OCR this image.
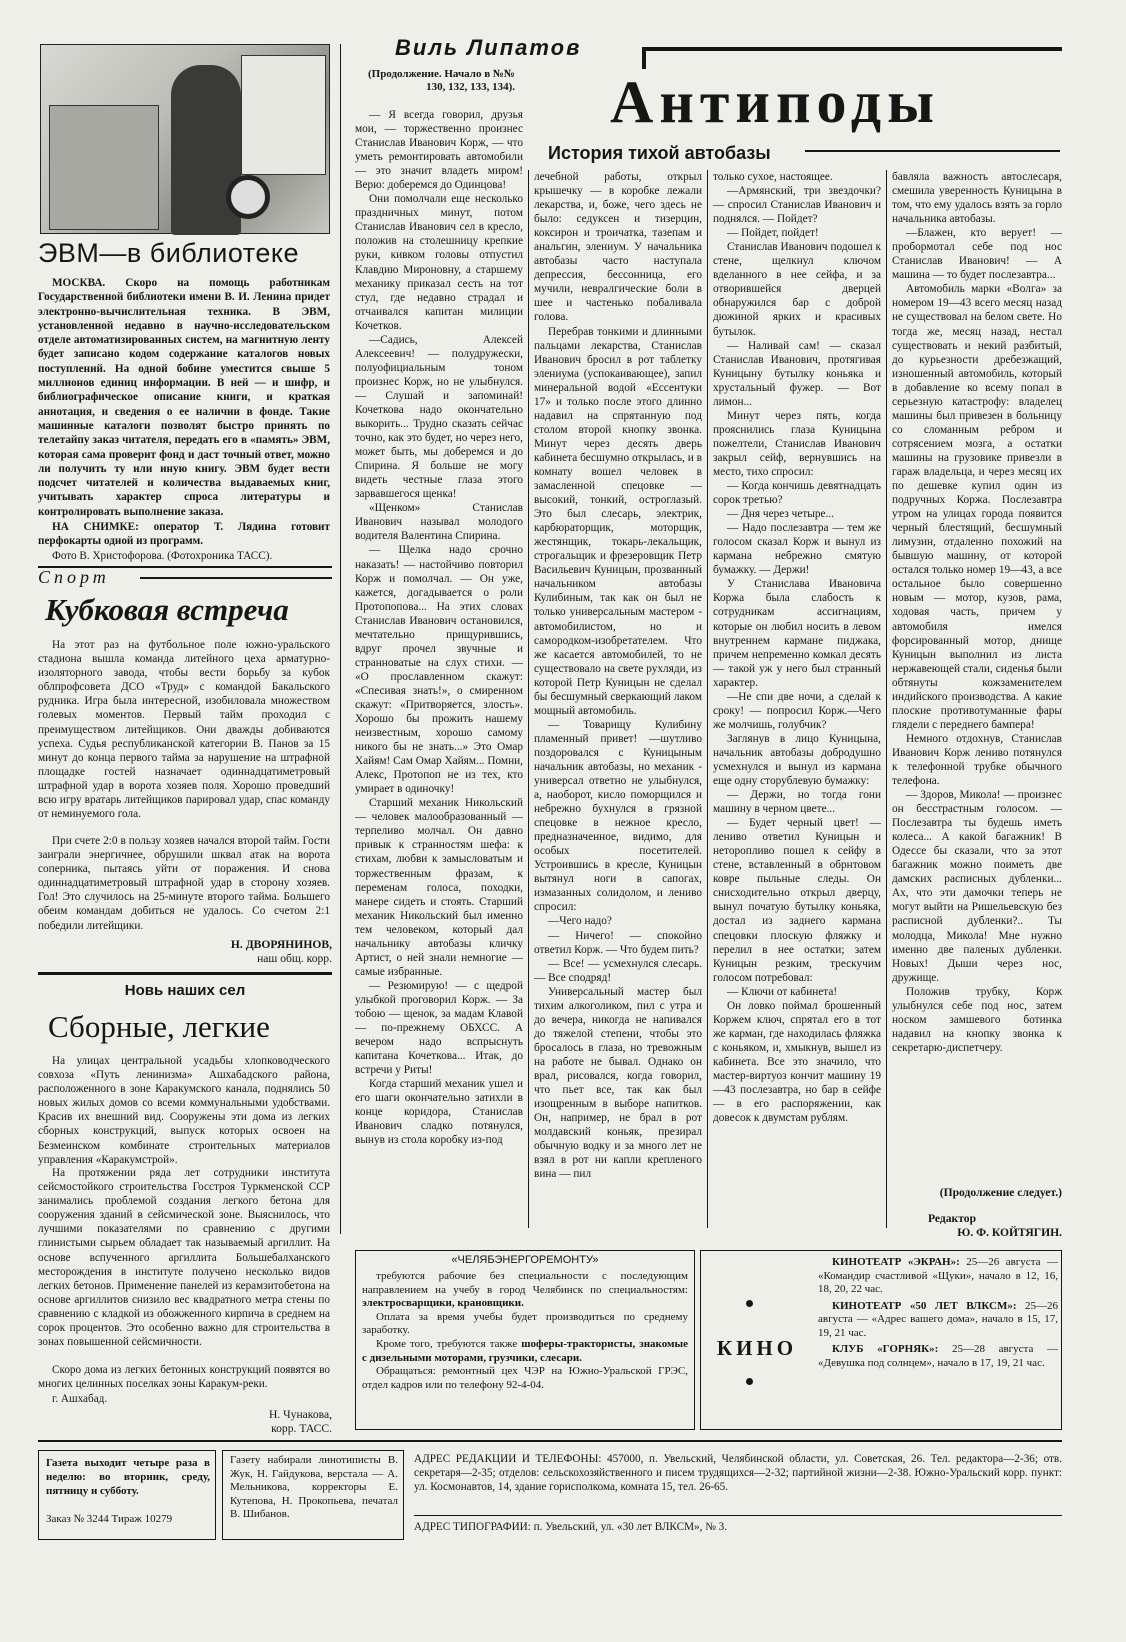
ЭВМ—в библиотеке
МОСКВА. Скоро на помощь работникам Государственной библиотеки имени В. И. Ленина придет электронно-вычислительная техника. В ЭВМ, установленной недавно в научно-исследовательском отделе автоматизированных систем, на магнитную ленту будет записано кодом содержание каталогов новых поступлений. На одной бобине уместится свыше 5 миллионов единиц информации. В ней — и шифр, и библиографическое описание книги, и краткая аннотация, и сведения о ее наличии в фонде. Такие машинные каталоги позволят быстро принять по телетайпу заказ читателя, передать его в «память» ЭВМ, которая сама проверит фонд и даст точный ответ, можно ли получить ту или иную книгу. ЭВМ будет вести подсчет читателей и количества выдаваемых книг, учитывать характер спроса литературы и контролировать выполнение заказа.
НА СНИМКЕ: оператор Т. Лядина готовит перфокарты одной из программ.
Фото В. Христофорова. (Фотохроника ТАСС).
Спорт
Кубковая встреча
На этот раз на футбольное поле южно-уральского стадиона вышла команда литейного цеха арматурно-изоляторного завода, чтобы вести борьбу за кубок облпрофсовета ДСО «Труд» с командой Бакальского рудника. Игра была интересной, изобиловала множеством голевых моментов. Первый тайм проходил с преимуществом литейщиков. Они дважды добиваются успеха. Судья республиканской категории В. Панов за 15 минут до конца первого тайма за нарушение на штрафной площадке гостей назначает одиннадцатиметровый штрафной удар в ворота хозяев поля. Хорошо проведший всю игру вратарь литейщиков парировал удар, спас команду от неминуемого гола.
При счете 2:0 в пользу хозяев начался второй тайм. Гости заиграли энергичнее, обрушили шквал атак на ворота соперника, пытаясь уйти от поражения. И снова одиннадцатиметровый штрафной удар в сторону хозяев. Гол! Это случилось на 25-минуте второго тайма. Большего обеим командам добиться не удалось. Со счетом 2:1 победили литейщики.
Н. ДВОРЯНИНОВ,
наш общ. корр.
Новь наших сел
Сборные, легкие
На улицах центральной усадьбы хлопководческого совхоза «Путь ленинизма» Ашхабадского района, расположенного в зоне Каракумского канала, поднялись 50 новых жилых домов со всеми коммунальными удобствами. Красив их внешний вид. Сооружены эти дома из легких сборных конструкций, выпуск которых освоен на Безмеинском комбинате строительных материалов управления «Каракумстрой».
На протяжении ряда лет сотрудники института сейсмостойкого строительства Госстроя Туркменской ССР занимались проблемой создания легкого бетона для сооружения зданий в сейсмической зоне. Выяснилось, что лучшими показателями по сравнению с другими глинистыми сырьем обладает так называемый аргиллит. На основе вспученного аргиллита Большебалханского месторождения в институте получено несколько видов легких бетонов. Применение панелей из керамзитобетона на основе аргиллитов снизило вес квадратного метра стены по сравнению с кладкой из обожженного кирпича в среднем на сорок процентов. Это особенно важно для строительства в зонах повышенной сейсмичности.
Скоро дома из легких бетонных конструкций появятся во многих целинных поселках зоны Каракум-реки.
г. Ашхабад.
Н. Чунакова,
корр. ТАСС.
Виль Липатов
(Продолжение. Начало в №№ 130, 132, 133, 134). Антиподы
История тихой автобазы

— Я всегда говорил, друзья мои, — торжественно произнес Станислав Иванович Корж, — что уметь ремонтировать автомобили — это значит владеть миром! Верю: доберемся до Одинцова!

Они помолчали еще несколько праздничных минут, потом Станислав Иванович сел в кресло, положив на столешницу крепкие руки, кивком головы отпустил Клавдию Мироновну, а старшему механику приказал сесть на тот стул, где недавно страдал и отчаивался капитан милиции Кочетков.

—Садись, Алексей Алексеевич! — полудружески, полуофициальным тоном произнес Корж, но не улыбнулся. — Слушай и запоминай! Кочеткова надо окончательно выкорить... Трудно сказать сейчас точно, как это будет, но через него, может быть, мы доберемся и до Спирина. Я больше не могу видеть честные глаза этого зарвавшегося щенка!

«Щенком» Станислав Иванович называл молодого водителя Валентина Спирина.

— Щелка надо срочно наказать! — настойчиво повторил Корж и помолчал. — Он уже, кажется, догадывается о роли Протопопова... На этих словах Станислав Иванович остановился, мечтательно прищурившись, вдруг прочел звучные и странноватые на слух стихи. — «О прославленном скажут: «Спесивая знать!», о смиренном скажут: «Притворяется, злость». Хорошо бы прожить нашему неизвестным, хорошо самому никого бы не знать...» Это Омар Хайям! Сам Омар Хайям... Помни, Алекс, Протопоп не из тех, кто умирает в одиночку!

Старший механик Никольский — человек малообразованный — терпеливо молчал. Он давно привык к странностям шефа: к стихам, любви к замысловатым и торжественным фразам, к переменам голоса, походки, манере сидеть и стоять. Старший механик Никольский был именно тем человеком, который дал начальнику автобазы кличку Артист, о ней знали немногие — самые избранные.

— Резюмирую! — с щедрой улыбкой проговорил Корж. — За тобою — щенок, за мадам Клавой — по-прежнему ОБХСС. А вечером надо вспрыснуть капитана Кочеткова... Итак, до встречи у Риты!

Когда старший механик ушел и его шаги окончательно затихли в конце коридора, Станислав Иванович сладко потянулся, вынув из стола коробку из-под

лечебной работы, открыл крышечку — в коробке лежали лекарства, и, боже, чего здесь не было: седуксен и тизерцин, коксирон и троичатка, тазепам и анальгин, элениум. У начальника автобазы часто наступала депрессия, бессонница, его мучили, невралгические боли в шее и частенько побаливала голова.

Перебрав тонкими и длинными пальцами лекарства, Станислав Иванович бросил в рот таблетку элениума (успокаивающее), запил минеральной водой «Ессентуки 17» и только после этого длинно надавил на спрятанную под столом второй кнопку звонка. Минут через десять дверь кабинета бесшумно открылась, и в комнату вошел человек в замасленной спецовке — высокий, тонкий, остроглазый. Это был слесарь, электрик, карбюраторщик, моторщик, жестянщик, токарь-лекальщик, строгальщик и фрезеровщик Петр Васильевич Куницын, прозванный начальником автобазы Кулибиным, так как он был не только универсальным мастером - автомобилистом, но и самородком-изобретателем. Что же касается автомобилей, то не существовало на свете рухляди, из которой Петр Куницын не сделал бы бесшумный сверкающий лаком мощный автомобиль.

— Товарищу Кулибину пламенный привет! —шутливо поздоровался с Куницыным начальник автобазы, но механик - универсал ответно не улыбнулся, а, наоборот, кисло поморщился и небрежно бухнулся в грязной спецовке в нежное кресло, предназначенное, видимо, для особых посетителей. Устроившись в кресле, Куницын вытянул ноги в сапогах, измазанных солидолом, и лениво спросил:

—Чего надо?

— Ничего! — спокойно ответил Корж. — Что будем пить?

— Все! — усмехнулся слесарь. — Все сподряд!

Универсальный мастер был тихим алкоголиком, пил с утра и до вечера, никогда не напивался до тяжелой степени, чтобы это бросалось в глаза, но тревожным на работе не бывал. Однако он врал, рисовался, когда говорил, что пьет все, так как был изощренным в выборе напитков. Он, например, не брал в рот молдавский коньяк, презирал обычную водку и за много лет не взял в рот ни капли крепленого вина — пил

только сухое, настоящее.

—Армянский, три звездочки? — спросил Станислав Иванович и поднялся. — Пойдет?

— Пойдет, пойдет!

Станислав Иванович подошел к стене, щелкнул ключом вделанного в нее сейфа, и за отворившейся дверцей обнаружился бар с доброй дюжиной ярких и красивых бутылок.

— Наливай сам! — сказал Станислав Иванович, протягивая Куницыну бутылку коньяка и хрустальный фужер. — Вот лимон...

Минут через пять, когда прояснились глаза Куницына пожелтели, Станислав Иванович закрыл сейф, вернувшись на место, тихо спросил:

— Когда кончишь девятнадцать сорок третью?

— Дня через четыре...

— Надо послезавтра — тем же голосом сказал Корж и вынул из кармана небрежно смятую бумажку. — Держи!

У Станислава Ивановича Коржа была слабость к сотрудникам ассигнациям, которые он любил носить в левом внутреннем кармане пиджака, причем непременно комкал десять — такой уж у него был странный характер.

—Не спи две ночи, а сделай к сроку! — попросил Корж.—Чего же молчишь, голубчик?

Заглянув в лицо Куницына, начальник автобазы добродушно усмехнулся и вынул из кармана еще одну сторублевую бумажку:

— Держи, но тогда гони машину в черном цвете...

— Будет черный цвет! — ленивo ответил Куницын и неторопливо пошел к сейфу в стене, вставленный в обрнтовом ковре пыльные следы. Он снисходительно открыл дверцу, вынул початую бутылку коньяка, достал из заднего кармана спецовки плоскую фляжку и перелил в нее остатки; затем Куницын резким, трескучим голосом потребовал:

— Ключи от кабинета!

Он ловко поймал брошенный Коржем ключ, спрятал его в тот же карман, где находилась фляжка с коньяком, и, хмыкнув, вышел из кабинета. Все это значило, что мастер-виртуоз кончит машину 19—43 послезавтра, но бар в сейфе — в его распоряжении, как довесок к двумстам рублям.

бавляла важность автослесаря, смешила уверенность Куницына в том, что ему удалось взять за горло начальника автобазы.

—Блажен, кто верует! — пробормотал себе под нос Станислав Иванович! — А машина — то будет послезавтра...

Автомобиль марки «Волга» за номером 19—43 всего месяц назад не существовал на белом свете. Но тогда же, месяц назад, нестал существовать и некий разбитый, до курьезности дребезжащий, изношенный автомобиль, который в добавление ко всему попал в серьезную катастрофу: владелец машины был привезен в больницу со сломанным ребром и сотрясением мозга, а остатки машины на грузовике привезли в гараж владельца, и через месяц их по дешевке купил один из подручных Коржа. Послезавтра утром на улицах города появится черный блестящий, бесшумный лимузин, отдаленно похожий на бывшую машину, от которой остался только номер 19—43, а все остальное было совершенно новым — мотор, кузов, рама, ходовая часть, причем у автомобиля имелся форсированный мотор, днище Куницын выполнил из листа нержавеющей стали, сиденья были обтянуты кожзаменителем индийского производства. А какие плоские противотуманные фары глядели с переднего бампера!

Немного отдохнув, Станислав Иванович Корж лениво потянулся к телефонной трубке обычного телефона.

— Здоров, Микола! — произнес он бесстрастным голосом. — Послезавтра ты будешь иметь колеса... А какой багажник! В Одессе бы сказали, что за этот багажник можно поиметь две дамских расписных дубленки... Ах, что эти дамочки теперь не могут выйти на Ришельевскую без расписной дубленки?.. Ты молодца, Микола! Мне нужно именно две паленых дубленки. Новых! Дыши через нос, дружище.

Положив трубку, Корж улыбнулся себе под нос, затем носком замшевого ботинка надавил на кнопку звонка к секретарю-диспетчеру.

(Продолжение следует.)
Редактор
Ю. Ф. КОЙТЯГИН.
«ЧЕЛЯБЭНЕРГОРЕМОНТУ»

требуются рабочие без специальности с последующим направлением на учебу в город Челябинск по специальностям: электросварщики, крановщики.

Оплата за время учебы будет производиться по среднему заработку.

Кроме того, требуются также шоферы-трактористы, знакомые с дизельными моторами, грузчики, слесари.

Обращаться: ремонтный цех ЧЭР на Южно-Уральской ГРЭС, отдел кадров или по телефону 92-4-04.

КИНО

КИНОТЕАТР «ЭКРАН»: 25—26 августа — «Командир счастливой «Щуки», начало в 12, 16, 18, 20, 22 час.

КИНОТЕАТР «50 ЛЕТ ВЛКСМ»: 25—26 августа — «Адрес вашего дома», начало в 15, 17, 19, 21 час.

КЛУБ «ГОРНЯК»: 25—28 августа — «Девушка под солнцем», начало в 17, 19, 21 час.

Газета выходит четыре раза в неделю: во вторник, среду, пятницу и субботу.
Заказ № 3244 Тираж 10279
Газету набирали линотиписты В. Жук, Н. Гайдукова, верстала — А. Мельникова, корректоры Е. Кутепова, Н. Прокопьева, печатал В. Шибанов.
АДРЕС РЕДАКЦИИ И ТЕЛЕФОНЫ: 457000, п. Увельский, Челябинской области, ул. Советская, 26. Тел. редактора—2-36; отв. секретаря—2-35; отделов: сельскохозяйственного и писем трудящихся—2-32; партийной жизни—2-38. Южно-Уральский корр. пункт: ул. Космонавтов, 14, здание горисполкома, комната 15, тел. 26-65.
АДРЕС ТИПОГРАФИИ: п. Увельский, ул. «30 лет ВЛКСМ», № 3.
